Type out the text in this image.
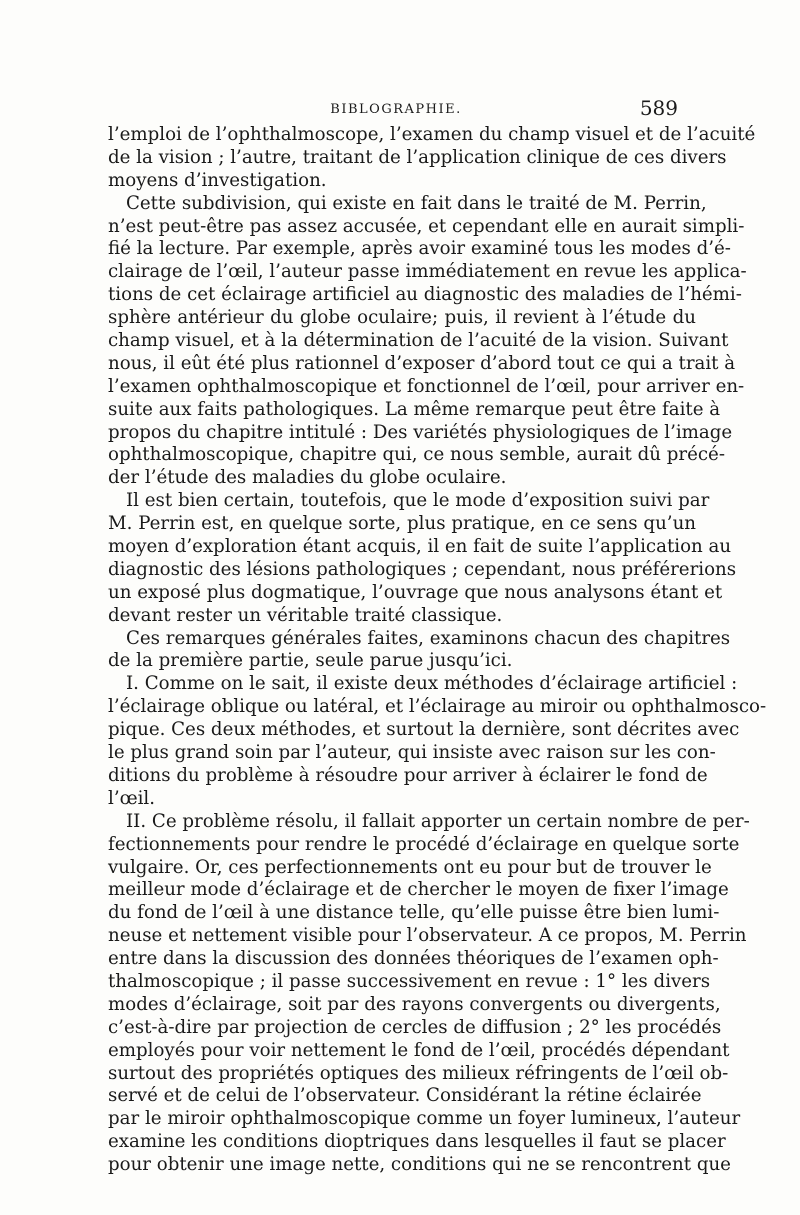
BIBLOGRAPHIE.	589
l’emploi de l’ophthalmoscope, l’examen du champ visuel et de l’acuité
de la vision ; l’autre, traitant de l’application clinique de ces divers
moyens d’investigation.
Cette subdivision, qui existe en fait dans le traité de M. Perrin,
n’est peut-être pas assez accusée, et cependant elle en aurait simpli-
fié la lecture. Par exemple, après avoir examiné tous les modes d’é-
clairage de l’œil, l’auteur passe immédiatement en revue les applica-
tions de cet éclairage artificiel au diagnostic des maladies de l’hémi-
sphère antérieur du globe oculaire; puis, il revient à l’étude du
champ visuel, et à la détermination de l’acuité de la vision. Suivant
nous, il eût été plus rationnel d’exposer d’abord tout ce qui a trait à
l’examen ophthalmoscopique et fonctionnel de l’œil, pour arriver en-
suite aux faits pathologiques. La même remarque peut être faite à
propos du chapitre intitulé : Des variétés physiologiques de l’image
ophthalmoscopique, chapitre qui, ce nous semble, aurait dû précé-
der l’étude des maladies du globe oculaire.
Il est bien certain, toutefois, que le mode d’exposition suivi par
M. Perrin est, en quelque sorte, plus pratique, en ce sens qu’un
moyen d’exploration étant acquis, il en fait de suite l’application au
diagnostic des lésions pathologiques ; cependant, nous préférerions
un exposé plus dogmatique, l’ouvrage que nous analysons étant et
devant rester un véritable traité classique.
Ces remarques générales faites, examinons chacun des chapitres
de la première partie, seule parue jusqu’ici.
I. Comme on le sait, il existe deux méthodes d’éclairage artificiel :
l’éclairage oblique ou latéral, et l’éclairage au miroir ou ophthalmosco-
pique. Ces deux méthodes, et surtout la dernière, sont décrites avec
le plus grand soin par l’auteur, qui insiste avec raison sur les con-
ditions du problème à résoudre pour arriver à éclairer le fond de
l’œil.
II. Ce problème résolu, il fallait apporter un certain nombre de per-
fectionnements pour rendre le procédé d’éclairage en quelque sorte
vulgaire. Or, ces perfectionnements ont eu pour but de trouver le
meilleur mode d’éclairage et de chercher le moyen de fixer l’image
du fond de l’œil à une distance telle, qu’elle puisse être bien lumi-
neuse et nettement visible pour l’observateur. A ce propos, M. Perrin
entre dans la discussion des données théoriques de l’examen oph-
thalmoscopique ; il passe successivement en revue : 1° les divers
modes d’éclairage, soit par des rayons convergents ou divergents,
c’est-à-dire par projection de cercles de diffusion ; 2° les procédés
employés pour voir nettement le fond de l’œil, procédés dépendant
surtout des propriétés optiques des milieux réfringents de l’œil ob-
servé et de celui de l’observateur. Considérant la rétine éclairée
par le miroir ophthalmoscopique comme un foyer lumineux, l’auteur
examine les conditions dioptriques dans lesquelles il faut se placer
pour obtenir une image nette, conditions qui ne se rencontrent que
